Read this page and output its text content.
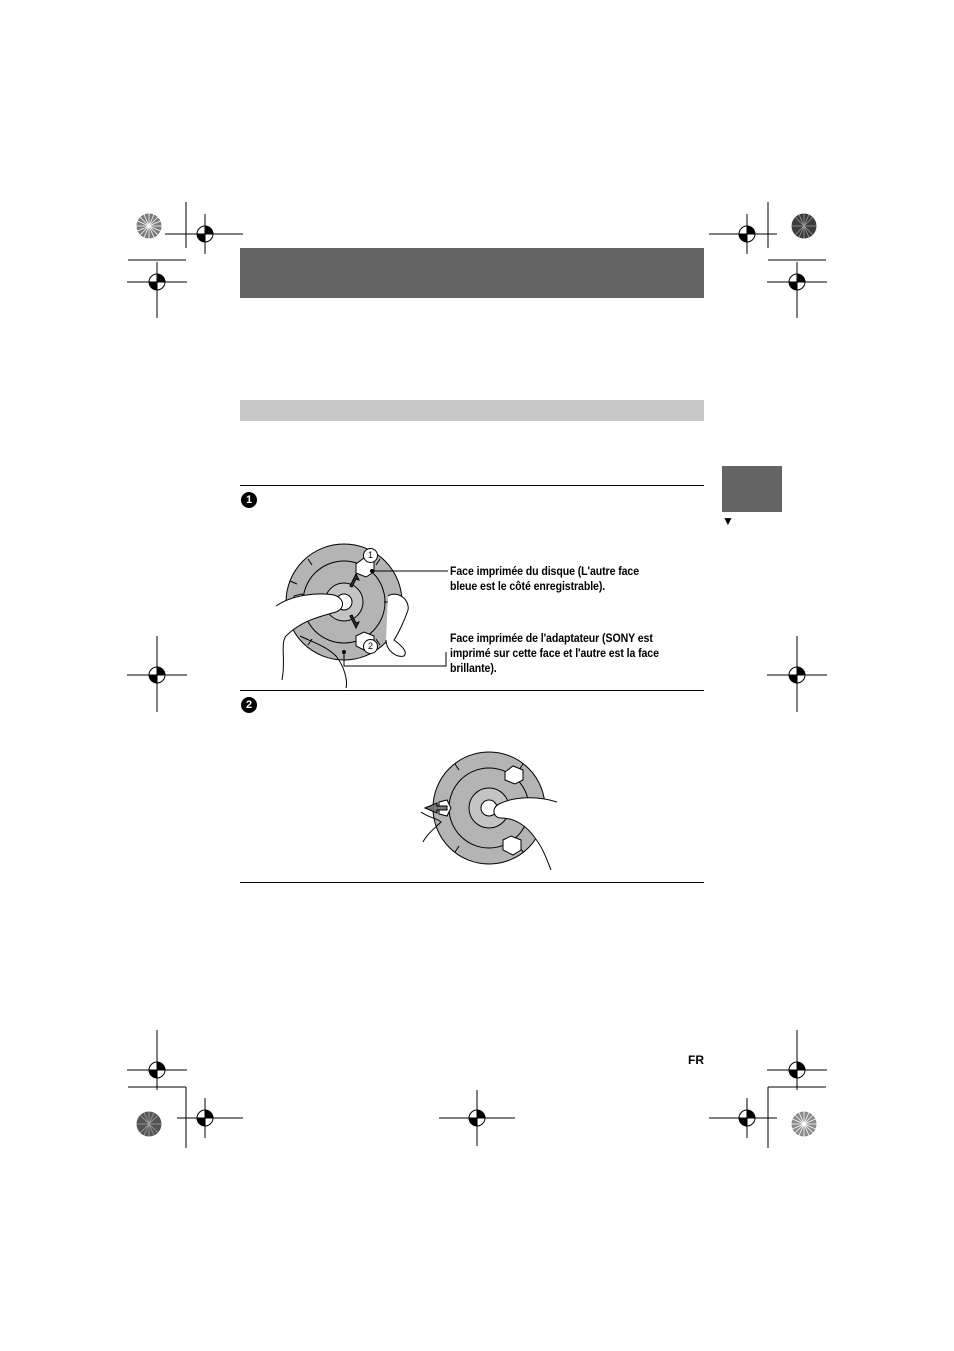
▼
1
2
1
Face imprimée du disque (L'autre face bleue est le côté enregistrable).
2
Face imprimée de l'adaptateur (SONY est imprimé sur cette face et l'autre est la face brillante).
FR
